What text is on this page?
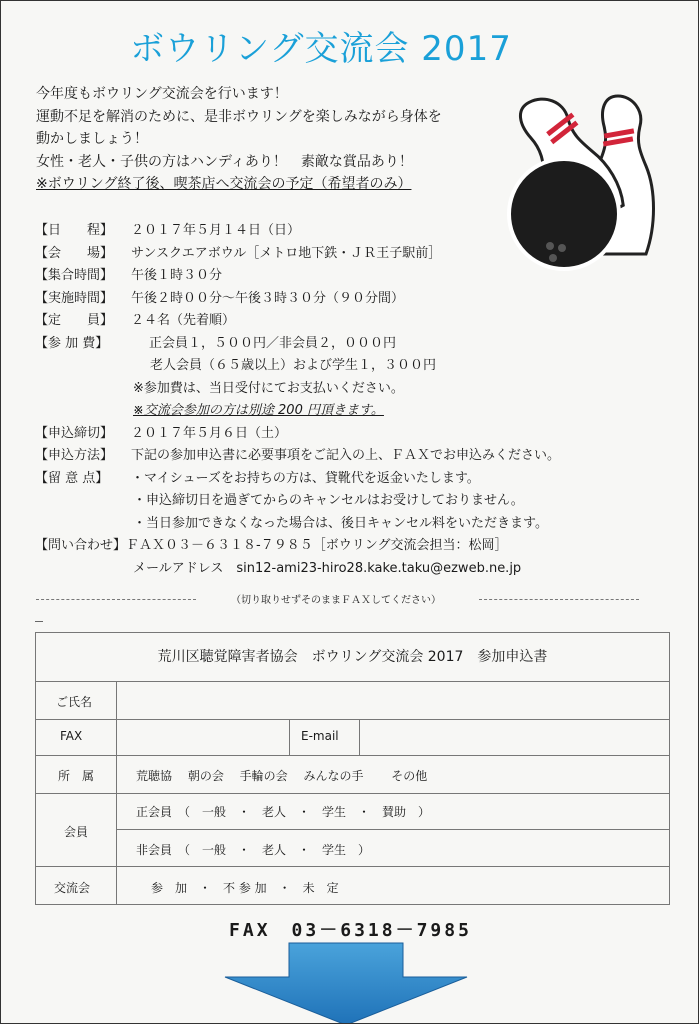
ボウリング交流会 2017
今年度もボウリング交流会を行います！
運動不足を解消のために、是非ボウリングを楽しみながら身体を
動かしましょう！
女性・老人・子供の方はハンディあり！　素敵な賞品あり！
※ボウリング終了後、喫茶店へ交流会の予定（希望者のみ）
【日　　程】	２０１７年５月１４日（日）
【会　　場】	サンスクエアボウル［メトロ地下鉄・ＪＲ王子駅前］
【集合時間】	午後１時３０分
【実施時間】	午後２時００分～午後３時３０分（９０分間）
【定　　員】	２４名（先着順）
【参 加 費】	正会員１，５００円／非会員２，０００円
老人会員（６５歳以上）および学生１，３００円
※参加費は、当日受付にてお支払いください。
※交流会参加の方は別途 200 円頂きます。
【申込締切】	２０１７年５月６日（土）
【申込方法】	下記の参加申込書に必要事項をご記入の上、ＦＡＸでお申込みください。
【留 意 点】	・マイシューズをお持ちの方は、貸靴代を返金いたします。
・申込締切日を過ぎてからのキャンセルはお受けしておりません。
・当日参加できなくなった場合は、後日キャンセル料をいただきます。
【問い合わせ】 ＦＡＸ０３－６３１８-７９８５［ボウリング交流会担当：松岡］
メールアドレス　sin12-ami23-hiro28.kake.taku@ezweb.ne.jp
（切り取りせずそのままＦＡＸしてください）
荒川区聴覚障害者協会　ボウリング交流会 2017　参加申込書
ご氏名
FAX	E-mail
所　属	荒聴協　 朝の会　 手輪の会　 みんなの手　　 その他
会員
正会員　（　一般　・　老人　・　学生　・　賛助　）
非会員　（　一般　・　老人　・　学生　）
交流会	参　加　・　不 参 加　・　未　定
FAX　03－6318－7985
